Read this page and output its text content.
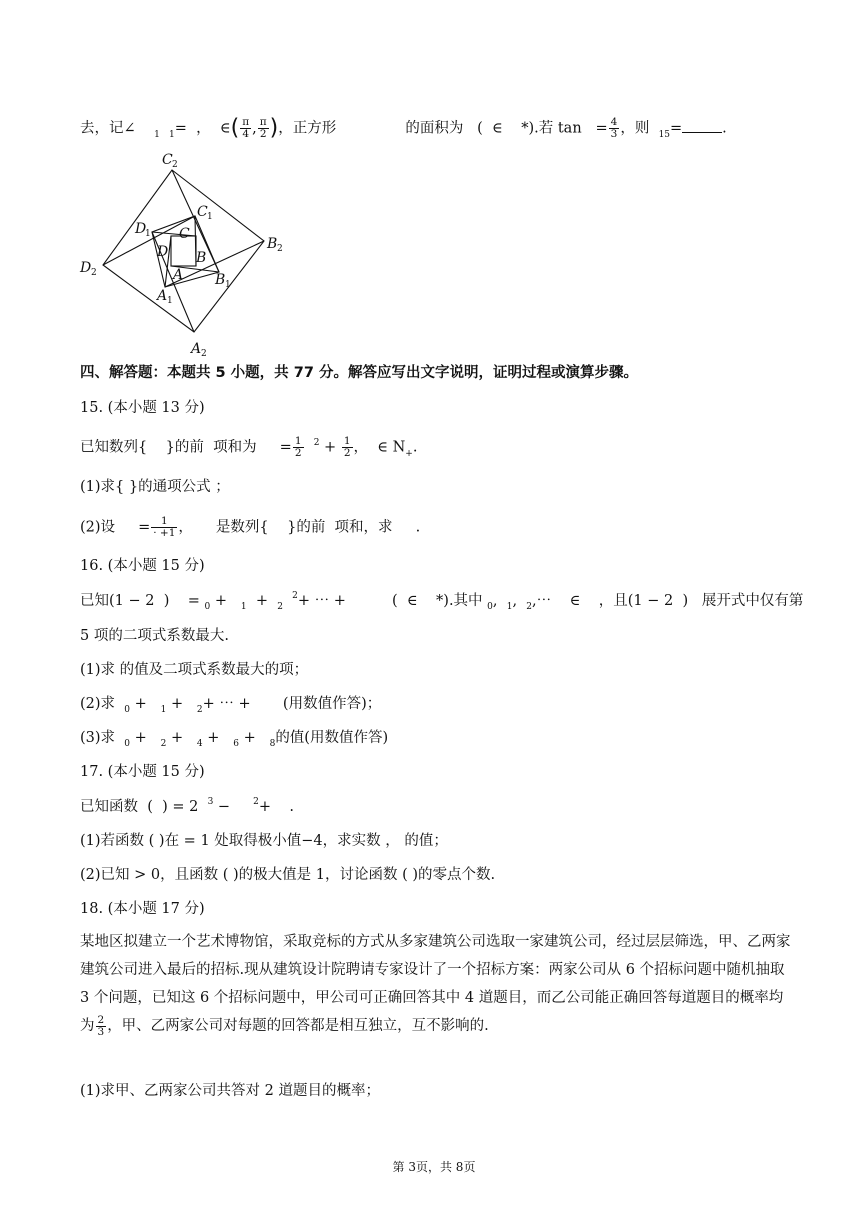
去，记∠ $_1$ $_1$=  ，  ∈( $\frac{\pi}{4}$ , $\frac{\pi}{2}$ )，正方形	的面积为   (  ∈    *).若 $\tan = \frac{4}{3}$ ，则 $_{15}$=	.
C 2
C 1
C
D
1
D B
B 2
D 2	A B 1
A 1
A 2
四、解答题：本题共 5 小题，共 77 分。解答应写出文字说明，证明过程或演算步骤。
15. (本小题 13 分)
已知数列{    }的前  项和为     = $\frac{1}{2} ^2 + \frac{1}{2}$ ，  ∈ $N_+$.
(1)求{ }的通项公式 ；
(2)设     = $\frac{1}{\cdot +1}$ ，     是数列{    }的前  项和，求     .
16. (本小题 15 分)
已知(1 − 2  )    = $_0$ + $_1$  + $_2$  $^2$+ ⋯ +          (  ∈    *).其中 $_0$,  $_1$,  $_2$,⋯    ∈    ，且(1 − 2  )   展开式中仅有第
5 项的二项式系数最大.
(1)求 的值及二项式系数最大的项；
(2)求 $_0$ + $_1$ + $_2$+ ⋯ +       (用数值作答)；
(3)求 $_0$ + $_2$ + $_4$ + $_6$ + $_8$的值(用数值作答)
17. (本小题 15 分)
已知函数  (  ) = 2 $^3$ −	$^2$+    .
(1)若函数 ( )在 = 1 处取得极小值−4，求实数 ， 的值；
(2)已知 > 0，且函数 ( )的极大值是 1，讨论函数 ( )的零点个数.
18. (本小题 17 分)
某地区拟建立一个艺术博物馆，采取竞标的方式从多家建筑公司选取一家建筑公司，经过层层筛选，甲、乙两家建筑公司进入最后的招标.现从建筑设计院聘请专家设计了一个招标方案：两家公司从 6 个招标问题中随机抽取 3 个问题，已知这 6 个招标问题中，甲公司可正确回答其中 4 道题目，而乙公司能正确回答每道题目的概率均为 $\frac{2}{3}$ ，甲、乙两家公司对每题的回答都是相互独立，互不影响的.
(1)求甲、乙两家公司共答对 2 道题目的概率；
第 3页，共 8页
